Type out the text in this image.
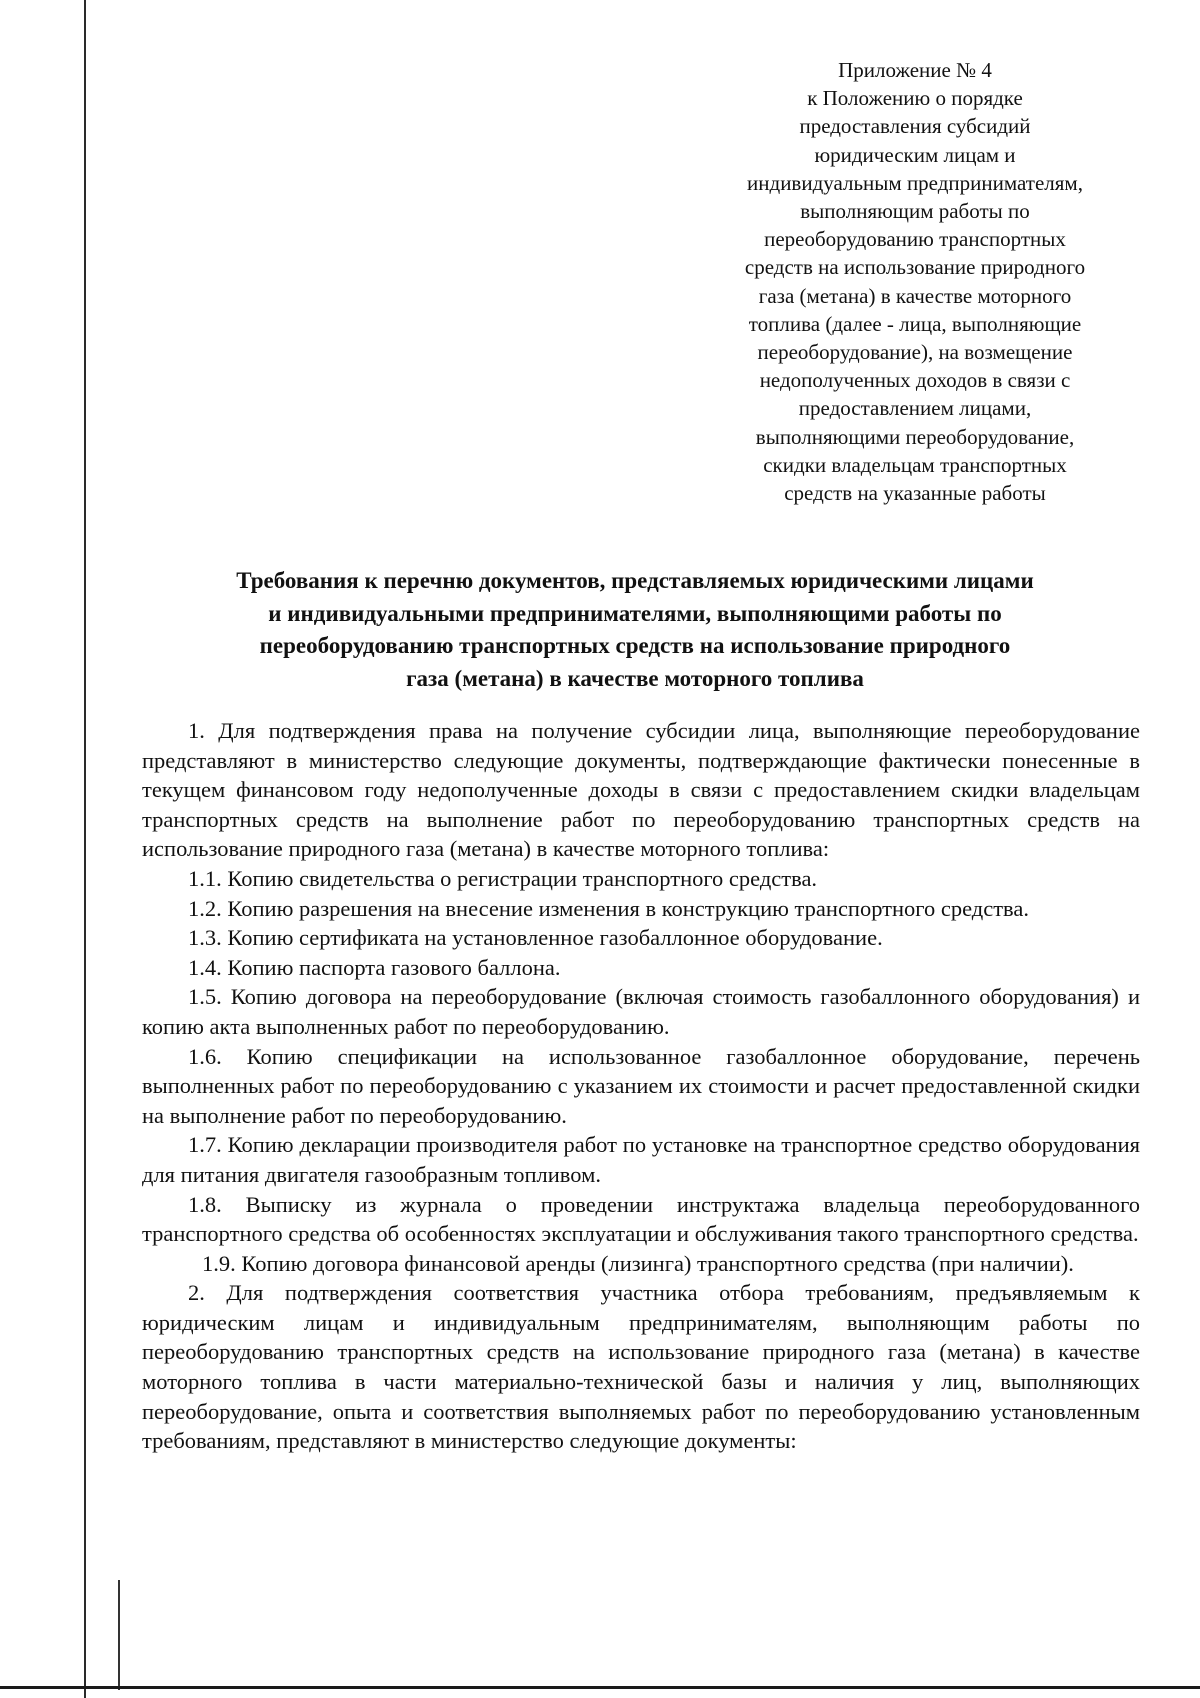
Приложение № 4
к Положению о порядке
предоставления субсидий
юридическим лицам и
индивидуальным предпринимателям,
выполняющим работы по
переоборудованию транспортных
средств на использование природного
газа (метана) в качестве моторного
топлива (далее - лица, выполняющие
переоборудование), на возмещение
недополученных доходов в связи с
предоставлением лицами,
выполняющими переоборудование,
скидки владельцам транспортных
средств на указанные работы
Требования к перечню документов, представляемых юридическими лицами
и индивидуальными предпринимателями, выполняющими работы по
переоборудованию транспортных средств на использование природного
газа (метана) в качестве моторного топлива

1. Для подтверждения права на получение субсидии лица, выполняющие переоборудование представляют в министерство следующие документы, подтверждающие фактически понесенные в текущем финансовом году недополученные доходы в связи с предоставлением скидки владельцам транспортных средств на выполнение работ по переоборудованию транспортных средств на использование природного газа (метана) в качестве моторного топлива:

1.1. Копию свидетельства о регистрации транспортного средства.

1.2. Копию разрешения на внесение изменения в конструкцию транспортного средства.

1.3. Копию сертификата на установленное газобаллонное оборудование.

1.4. Копию паспорта газового баллона.

1.5. Копию договора на переоборудование (включая стоимость газобаллонного оборудования) и копию акта выполненных работ по переоборудованию.

1.6. Копию спецификации на использованное газобаллонное оборудование, перечень выполненных работ по переоборудованию с указанием их стоимости и расчет предоставленной скидки на выполнение работ по переоборудованию.

1.7. Копию декларации производителя работ по установке на транспортное средство оборудования для питания двигателя газообразным топливом.

1.8. Выписку из журнала о проведении инструктажа владельца переоборудованного транспортного средства об особенностях эксплуатации и обслуживания такого транспортного средства.

1.9. Копию договора финансовой аренды (лизинга) транспортного средства (при наличии).

2. Для подтверждения соответствия участника отбора требованиям, предъявляемым к юридическим лицам и индивидуальным предпринимателям, выполняющим работы по переоборудованию транспортных средств на использование природного газа (метана) в качестве моторного топлива в части материально-технической базы и наличия у лиц, выполняющих переоборудование, опыта и соответствия выполняемых работ по переоборудованию установленным требованиям, представляют в министерство следующие документы:
